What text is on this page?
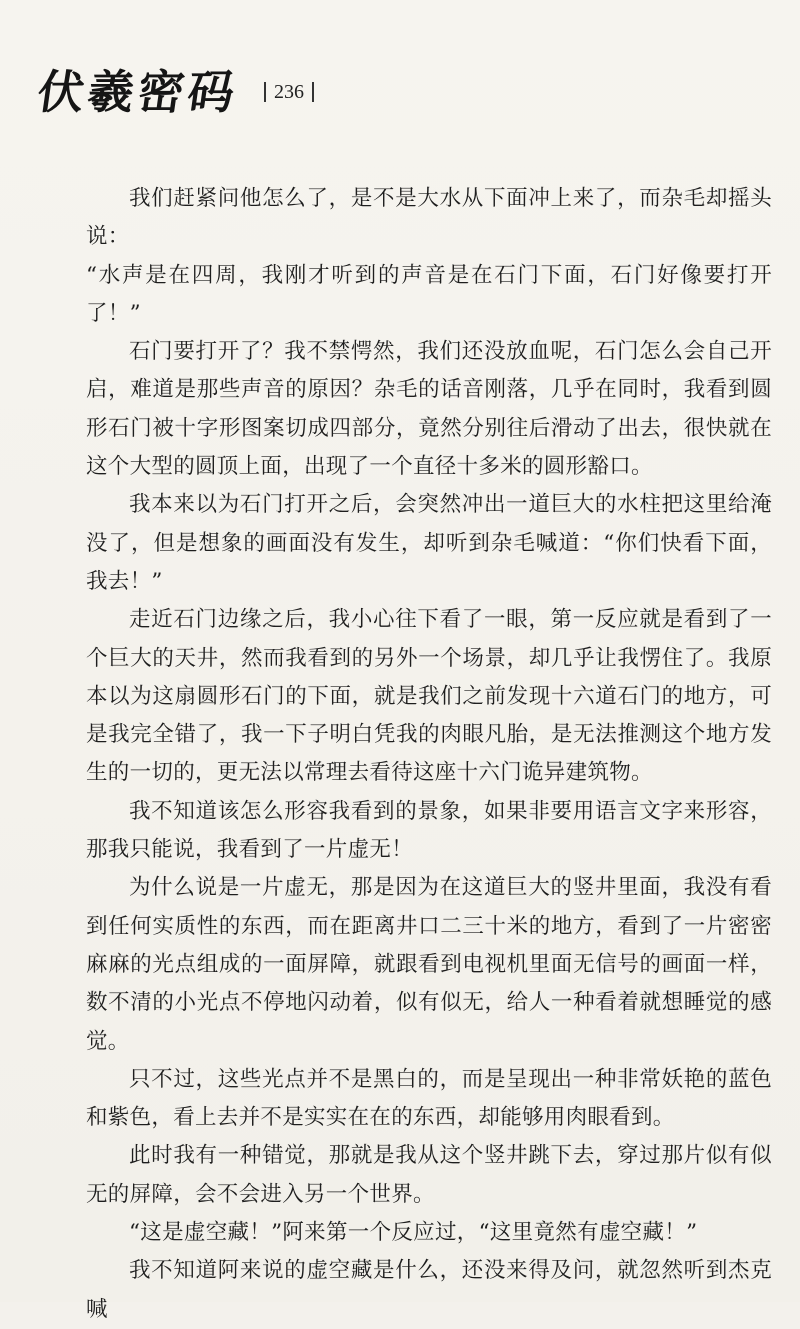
伏羲密码 236

我们赶紧问他怎么了，是不是大水从下面冲上来了，而杂毛却摇头说：

“水声是在四周，我刚才听到的声音是在石门下面，石门好像要打开了！”

石门要打开了？我不禁愕然，我们还没放血呢，石门怎么会自己开启，难道是那些声音的原因？杂毛的话音刚落，几乎在同时，我看到圆形石门被十字形图案切成四部分，竟然分别往后滑动了出去，很快就在这个大型的圆顶上面，出现了一个直径十多米的圆形豁口。

我本来以为石门打开之后，会突然冲出一道巨大的水柱把这里给淹没了，但是想象的画面没有发生，却听到杂毛喊道：“你们快看下面，我去！”

走近石门边缘之后，我小心往下看了一眼，第一反应就是看到了一个巨大的天井，然而我看到的另外一个场景，却几乎让我愣住了。我原本以为这扇圆形石门的下面，就是我们之前发现十六道石门的地方，可是我完全错了，我一下子明白凭我的肉眼凡胎，是无法推测这个地方发生的一切的，更无法以常理去看待这座十六门诡异建筑物。

我不知道该怎么形容我看到的景象，如果非要用语言文字来形容，那我只能说，我看到了一片虚无！

为什么说是一片虚无，那是因为在这道巨大的竖井里面，我没有看到任何实质性的东西，而在距离井口二三十米的地方，看到了一片密密麻麻的光点组成的一面屏障，就跟看到电视机里面无信号的画面一样，数不清的小光点不停地闪动着，似有似无，给人一种看着就想睡觉的感觉。

只不过，这些光点并不是黑白的，而是呈现出一种非常妖艳的蓝色和紫色，看上去并不是实实在在的东西，却能够用肉眼看到。

此时我有一种错觉，那就是我从这个竖井跳下去，穿过那片似有似无的屏障，会不会进入另一个世界。

“这是虚空藏！”阿来第一个反应过，“这里竟然有虚空藏！”

我不知道阿来说的虚空藏是什么，还没来得及问，就忽然听到杰克喊
